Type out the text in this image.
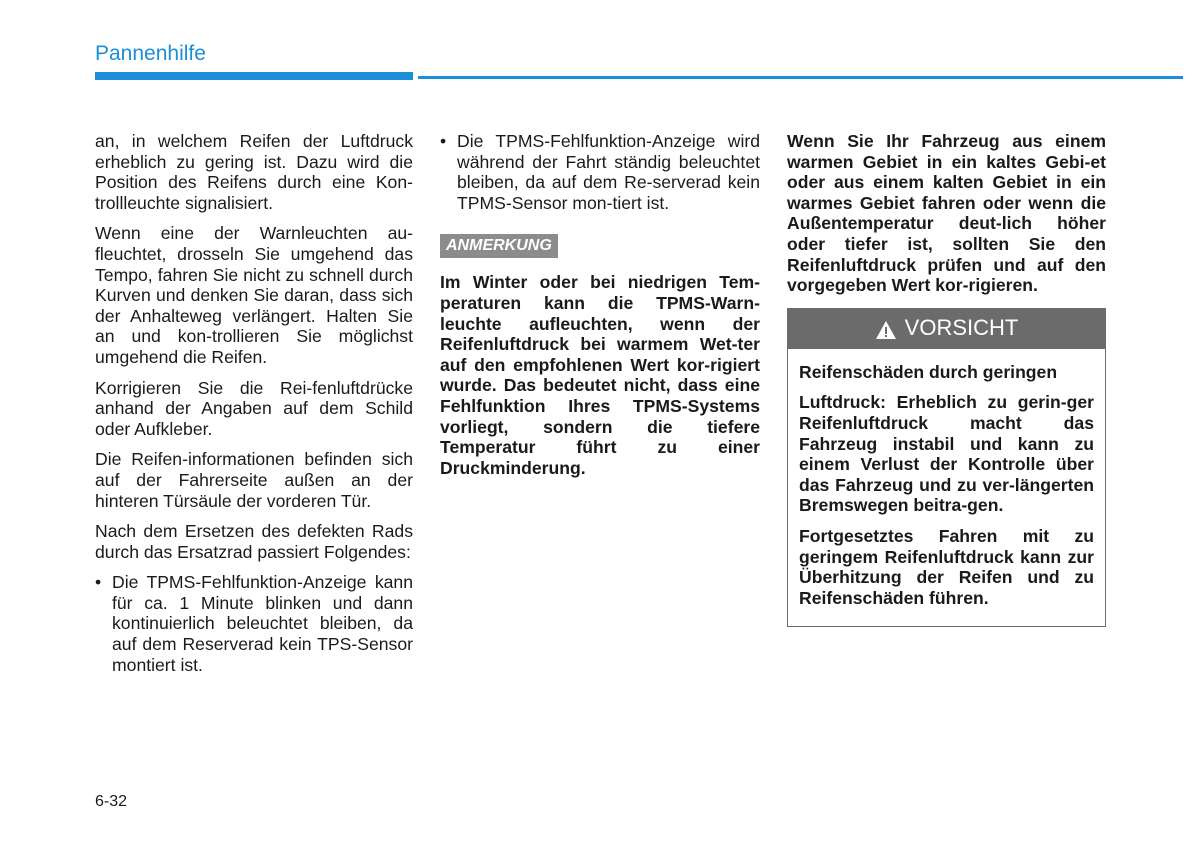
Pannenhilfe

an, in welchem Reifen der Luftdruck erheblich zu gering ist. Dazu wird die Position des Reifens durch eine Kon-trollleuchte signalisiert.

Wenn eine der Warnleuchten au-fleuchtet, drosseln Sie umgehend das Tempo, fahren Sie nicht zu schnell durch Kurven und denken Sie daran, dass sich der Anhalteweg verlängert. Halten Sie an und kon-trollieren Sie möglichst umgehend die Reifen.

Korrigieren Sie die Rei-fenluftdrücke anhand der Angaben auf dem Schild oder Aufkleber.

Die Reifen-informationen befinden sich auf der Fahrerseite außen an der hinteren Türsäule der vorderen Tür.

Nach dem Ersetzen des defekten Rads durch das Ersatzrad passiert Folgendes:

• Die TPMS-Fehlfunktion-Anzeige kann für ca. 1 Minute blinken und dann kontinuierlich beleuchtet bleiben, da auf dem Reserverad kein TPS-Sensor montiert ist.
• Die TPMS-Fehlfunktion-Anzeige wird während der Fahrt ständig beleuchtet bleiben, da auf dem Re-serverad kein TPMS-Sensor mon-tiert ist.
ANMERKUNG

Im Winter oder bei niedrigen Tem-peraturen kann die TPMS-Warn-leuchte aufleuchten, wenn der Reifenluftdruck bei warmem Wet-ter auf den empfohlenen Wert kor-rigiert wurde. Das bedeutet nicht, dass eine Fehlfunktion Ihres TPMS-Systems vorliegt, sondern die tiefere Temperatur führt zu einer Druckminderung.

Wenn Sie Ihr Fahrzeug aus einem warmen Gebiet in ein kaltes Gebi-et oder aus einem kalten Gebiet in ein warmes Gebiet fahren oder wenn die Außentemperatur deut-lich höher oder tiefer ist, sollten Sie den Reifenluftdruck prüfen und auf den vorgegeben Wert kor-rigieren.

VORSICHT

Reifenschäden durch geringen

Luftdruck: Erheblich zu gerin-ger Reifenluftdruck macht das Fahrzeug instabil und kann zu einem Verlust der Kontrolle über das Fahrzeug und zu ver-längerten Bremswegen beitra-gen.

Fortgesetztes Fahren mit zu geringem Reifenluftdruck kann zur Überhitzung der Reifen und zu Reifenschäden führen.

6-32
